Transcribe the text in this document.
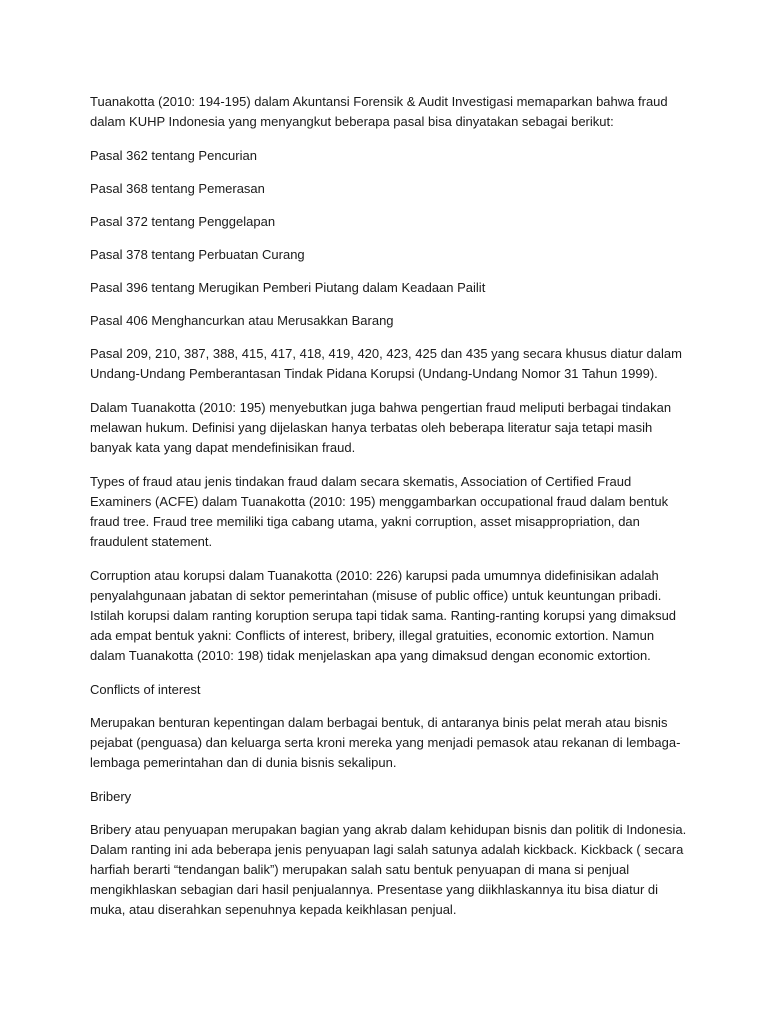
Tuanakotta (2010: 194-195) dalam Akuntansi Forensik & Audit Investigasi memaparkan bahwa fraud dalam KUHP Indonesia yang menyangkut beberapa pasal bisa dinyatakan sebagai berikut:

Pasal 362 tentang Pencurian

Pasal 368 tentang Pemerasan

Pasal 372 tentang Penggelapan

Pasal 378 tentang Perbuatan Curang

Pasal 396 tentang Merugikan Pemberi Piutang dalam Keadaan Pailit

Pasal 406 Menghancurkan atau Merusakkan Barang

Pasal 209, 210, 387, 388, 415, 417, 418, 419, 420, 423, 425 dan 435 yang secara khusus diatur dalam Undang-Undang Pemberantasan Tindak Pidana Korupsi (Undang-Undang Nomor 31 Tahun 1999).

Dalam Tuanakotta (2010: 195) menyebutkan juga bahwa pengertian fraud meliputi berbagai tindakan melawan hukum. Definisi yang dijelaskan hanya terbatas oleh beberapa literatur saja tetapi masih banyak kata yang dapat mendefinisikan fraud.

Types of fraud atau jenis tindakan fraud dalam secara skematis, Association of Certified Fraud Examiners (ACFE) dalam Tuanakotta (2010: 195) menggambarkan occupational fraud dalam bentuk fraud tree. Fraud tree memiliki tiga cabang utama, yakni corruption, asset misappropriation, dan fraudulent statement.

Corruption atau korupsi dalam Tuanakotta (2010: 226) karupsi pada umumnya didefinisikan adalah penyalahgunaan jabatan di sektor pemerintahan (misuse of public office) untuk keuntungan pribadi. Istilah korupsi dalam ranting koruption serupa tapi tidak sama. Ranting-ranting korupsi yang dimaksud ada empat bentuk yakni: Conflicts of interest, bribery, illegal gratuities, economic extortion. Namun dalam Tuanakotta (2010: 198) tidak menjelaskan apa yang dimaksud dengan economic extortion.

Conflicts of interest

Merupakan benturan kepentingan dalam berbagai bentuk, di antaranya binis pelat merah atau bisnis pejabat (penguasa) dan keluarga serta kroni mereka yang menjadi pemasok atau rekanan di lembaga-lembaga pemerintahan dan di dunia bisnis sekalipun.

Bribery

Bribery atau penyuapan merupakan bagian yang akrab dalam kehidupan bisnis dan politik di Indonesia. Dalam ranting ini ada beberapa jenis penyuapan lagi salah satunya adalah kickback. Kickback ( secara harfiah berarti “tendangan balik”) merupakan salah satu bentuk penyuapan di mana si penjual mengikhlaskan sebagian dari hasil penjualannya. Presentase yang diikhlaskannya itu bisa diatur di muka, atau diserahkan sepenuhnya kepada keikhlasan penjual.
